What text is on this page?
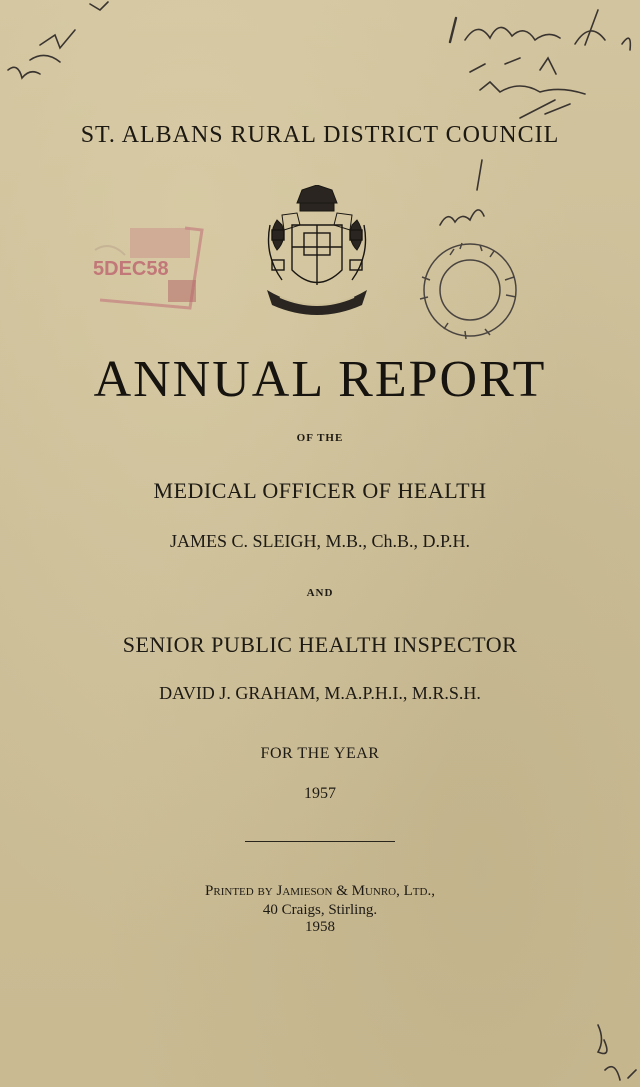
ST. ALBANS RURAL DISTRICT COUNCIL
5DEC58
ANNUAL REPORT
OF THE
MEDICAL OFFICER OF HEALTH
JAMES C. SLEIGH, M.B., Ch.B., D.P.H.
AND
SENIOR PUBLIC HEALTH INSPECTOR
DAVID J. GRAHAM, M.A.P.H.I., M.R.S.H.
FOR THE YEAR
1957
Printed by Jamieson & Munro, Ltd.,
40 Craigs, Stirling.
1958
